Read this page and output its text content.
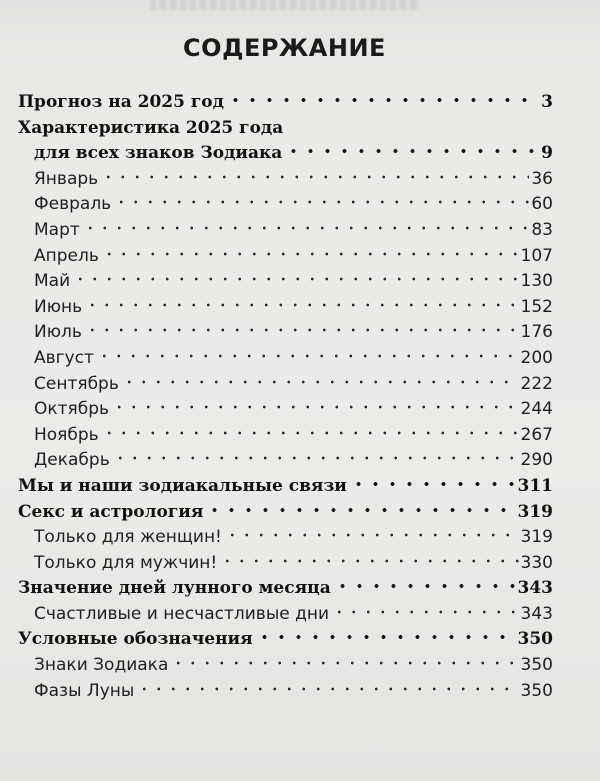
СОДЕРЖАНИЕ
Прогноз на 2025 год	3
Характеристика 2025 года
для всех знаков Зодиака	9
Январь	36
Февраль	60
Март	83
Апрель	107
Май	130
Июнь	152
Июль	176
Август	200
Сентябрь	222
Октябрь	244
Ноябрь	267
Декабрь	290
Мы и наши зодиакальные связи	311
Секс и астрология	319
Только для женщин!	319
Только для мужчин!	330
Значение дней лунного месяца	343
Счастливые и несчастливые дни	343
Условные обозначения	350
Знаки Зодиака	350
Фазы Луны	350
